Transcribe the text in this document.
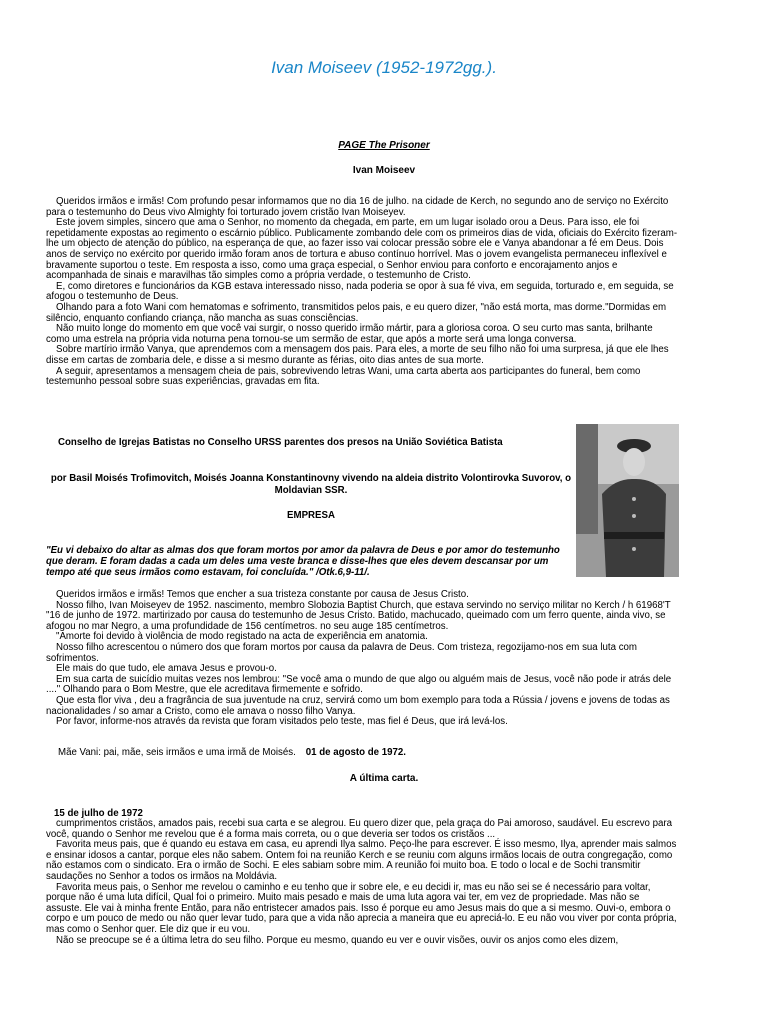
Ivan Moiseev (1952-1972gg.).
PAGE The Prisoner
Ivan Moiseev

Queridos irmãos e irmãs! Com profundo pesar informamos que no dia 16 de julho. na cidade de Kerch, no segundo ano de serviço no Exército para o testemunho do Deus vivo Almighty foi torturado jovem cristão Ivan Moiseyev.

Este jovem simples, sincero que ama o Senhor, no momento da chegada, em parte, em um lugar isolado orou a Deus. Para isso, ele foi repetidamente expostas ao regimento o escárnio público. Publicamente zombando dele com os primeiros dias de vida, oficiais do Exército fizeram-lhe um objecto de atenção do público, na esperança de que, ao fazer isso vai colocar pressão sobre ele e Vanya abandonar a fé em Deus. Dois anos de serviço no exército por querido irmão foram anos de tortura e abuso contínuo horrível. Mas o jovem evangelista permaneceu inflexível e bravamente suportou o teste. Em resposta a isso, como uma graça especial, o Senhor enviou para conforto e encorajamento anjos e acompanhada de sinais e maravilhas tão simples como a própria verdade, o testemunho de Cristo.

E, como diretores e funcionários da KGB estava interessado nisso, nada poderia se opor à sua fé viva, em seguida, torturado e, em seguida, se afogou o testemunho de Deus.

Olhando para a foto Wani com hematomas e sofrimento, transmitidos pelos pais, e eu quero dizer, "não está morta, mas dorme."Dormidas em silêncio, enquanto confiando criança, não mancha as suas consciências.

Não muito longe do momento em que você vai surgir, o nosso querido irmão mártir, para a gloriosa coroa. O seu curto mas santa, brilhante como uma estrela na própria vida noturna pena tornou-se um sermão de estar, que após a morte será uma longa conversa.

Sobre martírio irmão Vanya, que aprendemos com a mensagem dos pais. Para eles, a morte de seu filho não foi uma surpresa, já que ele lhes disse em cartas de zombaria dele, e disse a si mesmo durante as férias, oito dias antes de sua morte.

A seguir, apresentamos a mensagem cheia de pais, sobrevivendo letras Wani, uma carta aberta aos participantes do funeral, bem como testemunho pessoal sobre suas experiências, gravadas em fita.

Conselho de Igrejas Batistas no Conselho URSS parentes dos presos na União Soviética Batista
por Basil Moisés Trofimovitch, Moisés Joanna Konstantinovny vivendo na aldeia distrito Volontirovka Suvorov, o Moldavian SSR.
EMPRESA

"Eu vi debaixo do altar as almas dos que foram mortos por amor da palavra de Deus e por amor do testemunho que deram. E foram dadas a cada um deles uma veste branca e disse-lhes que eles devem descansar por um tempo até que seus irmãos como estavam, foi concluída." /Otk.6,9-11/.

Queridos irmãos e irmãs! Temos que encher a sua tristeza constante por causa de Jesus Cristo.

Nosso filho, Ivan Moiseyev de 1952. nascimento, membro Slobozia Baptist Church, que estava servindo no serviço militar no Kerch / h 61968'T "16 de junho de 1972. martirizado por causa do testemunho de Jesus Cristo. Batido, machucado, queimado com um ferro quente, ainda vivo, se afogou no mar Negro, a uma profundidade de 156 centímetros. no seu auge 185 centímetros.

"Amorte foi devido à violência de modo registado na acta de experiência em anatomia.

Nosso filho acrescentou o número dos que foram mortos por causa da palavra de Deus. Com tristeza, regozijamo-nos em sua luta com sofrimentos.

Ele mais do que tudo, ele amava Jesus e provou-o.

Em sua carta de suicídio muitas vezes nos lembrou: "Se você ama o mundo de que algo ou alguém mais de Jesus, você não pode ir atrás dele ...." Olhando para o Bom Mestre, que ele acreditava firmemente e sofrido.

Que esta flor viva , deu a fragrância de sua juventude na cruz, servirá como um bom exemplo para toda a Rússia / jovens e jovens de todas as nacionalidades / so amar a Cristo, como ele amava o nosso filho Vanya.

Por favor, informe-nos através da revista que foram visitados pelo teste, mas fiel é Deus, que irá levá-los.

Mãe Vani: pai, mãe, seis irmãos e uma irmã de Moisés. 01 de agosto de 1972.
A última carta.
15 de julho de 1972

cumprimentos cristãos, amados pais, recebi sua carta e se alegrou. Eu quero dizer que, pela graça do Pai amoroso, saudável. Eu escrevo para você, quando o Senhor me revelou que é a forma mais correta, ou o que deveria ser todos os cristãos ...

Favorita meus pais, que é quando eu estava em casa, eu aprendi Ilya salmo. Peço-lhe para escrever. É isso mesmo, Ilya, aprender mais salmos e ensinar idosos a cantar, porque eles não sabem. Ontem foi na reunião Kerch e se reuniu com alguns irmãos locais de outra congregação, como não estamos com o sindicato. Era o irmão de Sochi. E eles sabiam sobre mim. A reunião foi muito boa. E todo o local e de Sochi transmitir saudações no Senhor a todos os irmãos na Moldávia.

Favorita meus pais, o Senhor me revelou o caminho e eu tenho que ir sobre ele, e eu decidi ir, mas eu não sei se é necessário para voltar, porque não é uma luta difícil, Qual foi o primeiro. Muito mais pesado e mais de uma luta agora vai ter, em vez de propriedade. Mas não se assuste. Ele vai à minha frente Então, para não entristecer amados pais. Isso é porque eu amo Jesus mais do que a si mesmo. Ouvi-o, embora o corpo e um pouco de medo ou não quer levar tudo, para que a vida não aprecia a maneira que eu apreciá-lo. E eu não vou viver por conta própria, mas como o Senhor quer. Ele diz que ir eu vou.

Não se preocupe se é a última letra do seu filho. Porque eu mesmo, quando eu ver e ouvir visões, ouvir os anjos como eles dizem,
